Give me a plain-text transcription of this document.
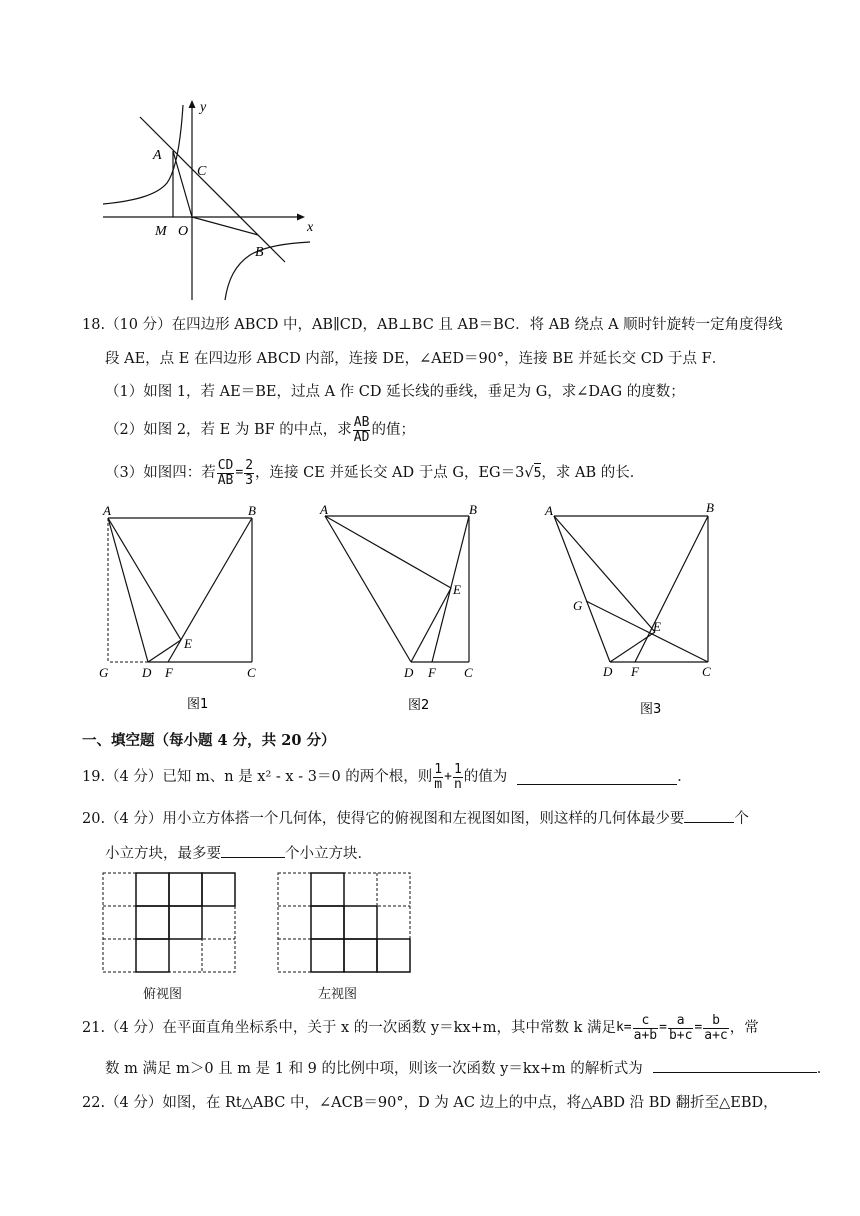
y
x
A
C
M O
B
18.（10 分）在四边形 ABCD 中，AB∥CD，AB⊥BC 且 AB＝BC．将 AB 绕点 A 顺时针旋转一定角度得线
段 AE，点 E 在四边形 ABCD 内部，连接 DE，∠AED＝90°，连接 BE 并延长交 CD 于点 F．
（1）如图 1，若 AE＝BE，过点 A 作 CD 延长线的垂线，垂足为 G，求∠DAG 的度数；
（2）如图 2，若 E 为 BF 的中点，求 $\frac{AB}{AD}$ 的值；
（3）如图四：若 $\frac{CD}{AB} = \frac{2}{3}$ ，连接 CE 并延长交 AD 于点 G，EG＝3 √ 5 ，求 AB 的长．
A	B
G	D F
E
C
图1
A	B
E
D F C
图2
A	B
G
E
D F	C
图3
一、填空题（每小题 4 分，共 20 分）
19. （4 分）已知 m、n 是 x² - x - 3＝0 的两个根，则 $\frac{1}{m} + \frac{1}{n}$ 的值为	．
20.（4 分）用小立方体搭一个几何体，使得它的俯视图和左视图如图，则这样的几何体最少要	个
小立方块，最多要	个小立方块．
俯视图	左视图
21. （4 分）在平面直角坐标系中，关于 x 的一次函数 y＝kx+m，其中常数 k 满足 $k = \frac{c}{a+b} = \frac{a}{b+c} = \frac{b}{a+c}$ ，常
数 m 满足 m＞0 且 m 是 1 和 9 的比例中项，则该一次函数 y＝kx+m 的解析式为	．
22.（4 分）如图，在 Rt△ABC 中，∠ACB＝90°，D 为 AC 边上的中点，将△ABD 沿 BD 翻折至△EBD，
